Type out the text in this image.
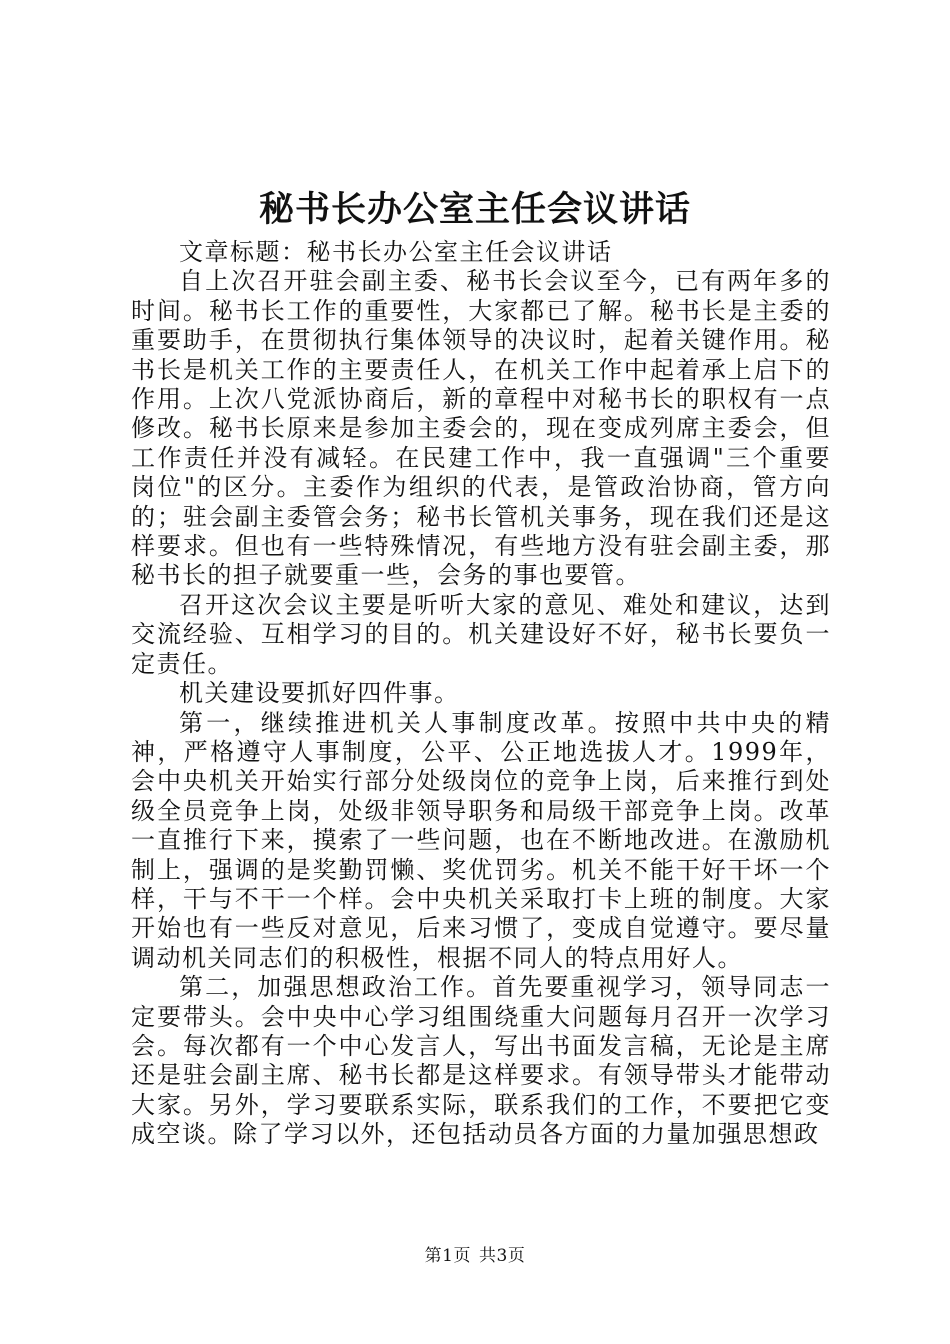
秘书长办公室主任会议讲话

文章标题：秘书长办公室主任会议讲话

自上次召开驻会副主委、秘书长会议至今，已有两年多的时间。秘书长工作的重要性，大家都已了解。秘书长是主委的重要助手，在贯彻执行集体领导的决议时，起着关键作用。秘书长是机关工作的主要责任人，在机关工作中起着承上启下的作用。上次八党派协商后，新的章程中对秘书长的职权有一点修改。秘书长原来是参加主委会的，现在变成列席主委会，但工作责任并没有减轻。在民建工作中，我一直强调"三个重要岗位"的区分。主委作为组织的代表，是管政治协商，管方向的；驻会副主委管会务；秘书长管机关事务，现在我们还是这样要求。但也有一些特殊情况，有些地方没有驻会副主委，那秘书长的担子就要重一些，会务的事也要管。

召开这次会议主要是听听大家的意见、难处和建议，达到交流经验、互相学习的目的。机关建设好不好，秘书长要负一定责任。

机关建设要抓好四件事。

第一，继续推进机关人事制度改革。按照中共中央的精神，严格遵守人事制度，公平、公正地选拔人才。1999年，会中央机关开始实行部分处级岗位的竞争上岗，后来推行到处级全员竞争上岗，处级非领导职务和局级干部竞争上岗。改革一直推行下来，摸索了一些问题，也在不断地改进。在激励机制上，强调的是奖勤罚懒、奖优罚劣。机关不能干好干坏一个样，干与不干一个样。会中央机关采取打卡上班的制度。大家开始也有一些反对意见，后来习惯了，变成自觉遵守。要尽量调动机关同志们的积极性，根据不同人的特点用好人。

第二，加强思想政治工作。首先要重视学习，领导同志一定要带头。会中央中心学习组围绕重大问题每月召开一次学习会。每次都有一个中心发言人，写出书面发言稿，无论是主席还是驻会副主席、秘书长都是这样要求。有领导带头才能带动大家。另外，学习要联系实际，联系我们的工作，不要把它变成空谈。除了学习以外，还包括动员各方面的力量加强思想政

第1页 共3页
